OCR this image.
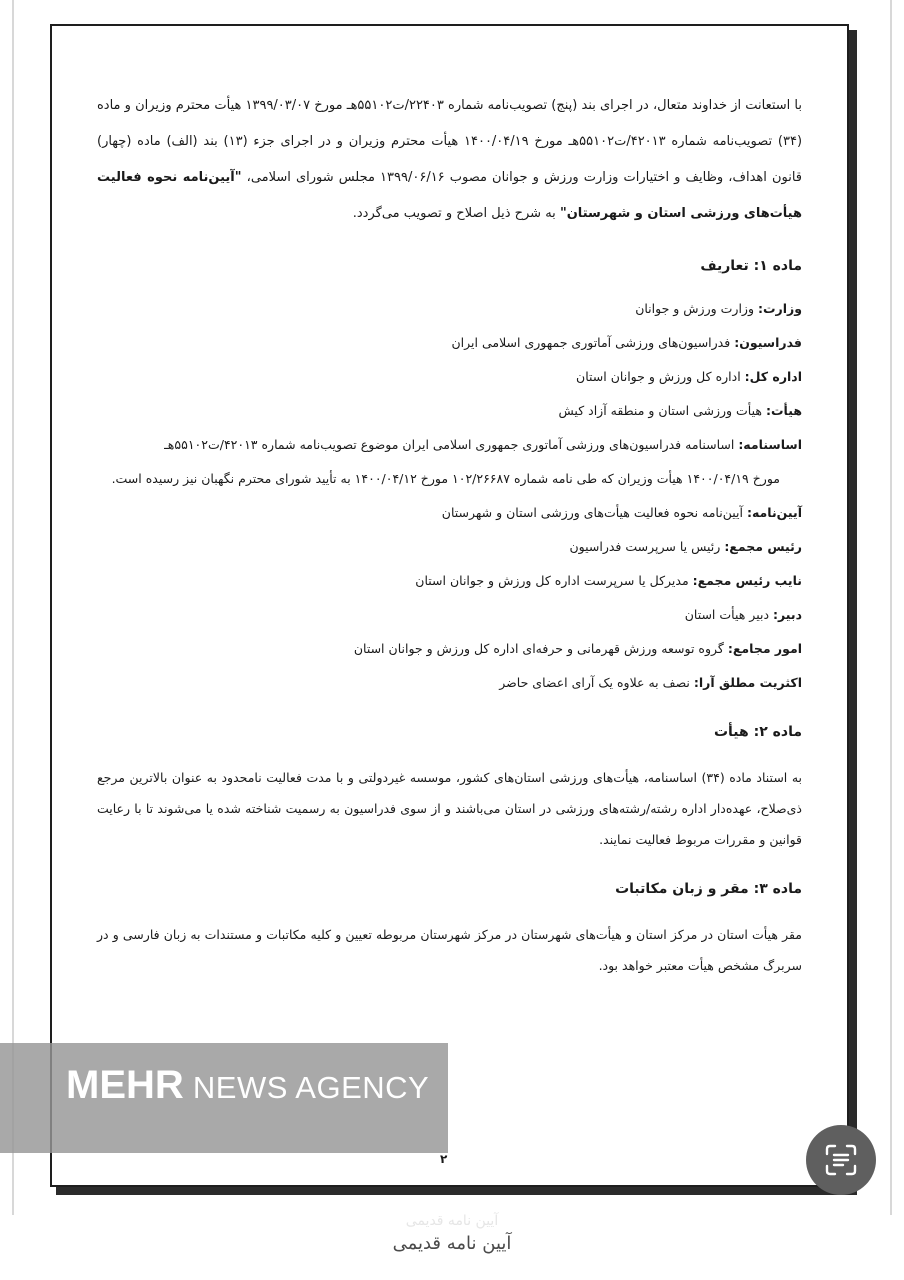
با استعانت از خداوند متعال، در اجرای بند (پنج) تصویب‌نامه شماره ۲۲۴۰۳/ت۵۵۱۰۲هـ مورخ ۱۳۹۹/۰۳/۰۷ هیأت محترم وزیران و ماده (۳۴) تصویب‌نامه شماره ۴۲۰۱۳/ت۵۵۱۰۲هـ مورخ ۱۴۰۰/۰۴/۱۹ هیأت محترم وزیران و در اجرای جزء (۱۳) بند (الف) ماده (چهار) قانون اهداف، وظایف و اختیارات وزارت ورزش و جوانان مصوب ۱۳۹۹/۰۶/۱۶ مجلس شورای اسلامی، "آیین‌نامه نحوه فعالیت هیأت‌های ورزشی استان و شهرستان" به شرح ذیل اصلاح و تصویب می‌گردد.

ماده ۱: تعاریف

وزارت: وزارت ورزش و جوانان

فدراسیون: فدراسیون‌های ورزشی آماتوری جمهوری اسلامی ایران

اداره کل: اداره کل ورزش و جوانان استان

هیأت: هیأت ورزشی استان و منطقه آزاد کیش

اساسنامه: اساسنامه فدراسیون‌های ورزشی آماتوری جمهوری اسلامی ایران موضوع تصویب‌نامه شماره ۴۲۰۱۳/ت۵۵۱۰۲هـ

مورخ ۱۴۰۰/۰۴/۱۹ هیأت وزیران که طی نامه شماره ۱۰۲/۲۶۶۸۷ مورخ ۱۴۰۰/۰۴/۱۲ به تأیید شورای محترم نگهبان نیز رسیده است.

آیین‌نامه: آیین‌نامه نحوه فعالیت هیأت‌های ورزشی استان و شهرستان

رئیس مجمع: رئیس یا سرپرست فدراسیون

نایب رئیس مجمع: مدیرکل یا سرپرست اداره کل ورزش و جوانان استان

دبیر: دبیر هیأت استان

امور مجامع: گروه توسعه ورزش قهرمانی و حرفه‌ای اداره کل ورزش و جوانان استان

اکثریت مطلق آرا: نصف به علاوه یک آرای اعضای حاضر

ماده ۲: هیأت

به استناد ماده (۳۴) اساسنامه، هیأت‌های ورزشی استان‌های کشور، موسسه غیردولتی و با مدت فعالیت نامحدود به عنوان بالاترین مرجع ذی‌صلاح، عهده‌دار اداره رشته/رشته‌های ورزشی در استان می‌باشند و از سوی فدراسیون به رسمیت شناخته شده یا می‌شوند تا با رعایت قوانین و مقررات مربوط فعالیت نمایند.

ماده ۳: مقر و زبان مکاتبات

مقر هیأت استان در مرکز استان و هیأت‌های شهرستان در مرکز شهرستان مربوطه تعیین و کلیه مکاتبات و مستندات به زبان فارسی و در سربرگ مشخص هیأت معتبر خواهد بود.

MEHR NEWS AGENCY
۲
آیین نامه قدیمی
آیین نامه قدیمی
